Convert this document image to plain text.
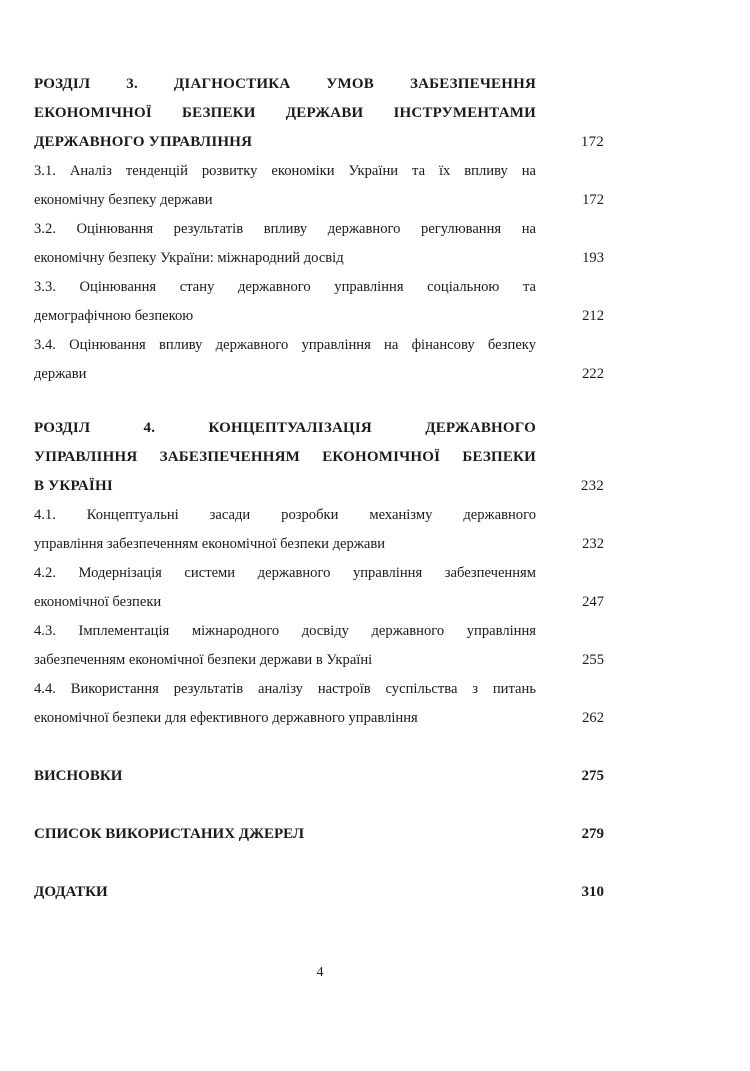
РОЗДІЛ 3. ДІАГНОСТИКА УМОВ ЗАБЕЗПЕЧЕННЯ
ЕКОНОМІЧНОЇ БЕЗПЕКИ ДЕРЖАВИ ІНСТРУМЕНТАМИ
ДЕРЖАВНОГО УПРАВЛІННЯ	172
3.1. Аналіз тенденцій розвитку економіки України та їх впливу на
економічну безпеку держави	172
3.2. Оцінювання результатів впливу державного регулювання на
економічну безпеку України: міжнародний досвід	193
3.3. Оцінювання стану державного управління соціальною та
демографічною безпекою	212
3.4. Оцінювання впливу державного управління на фінансову безпеку
держави	222
РОЗДІЛ 4. КОНЦЕПТУАЛІЗАЦІЯ ДЕРЖАВНОГО
УПРАВЛІННЯ ЗАБЕЗПЕЧЕННЯМ ЕКОНОМІЧНОЇ БЕЗПЕКИ
В УКРАЇНІ	232
4.1. Концептуальні засади розробки механізму державного
управління забезпеченням економічної безпеки держави	232
4.2. Модернізація системи державного управління забезпеченням
економічної безпеки	247
4.3. Імплементація міжнародного досвіду державного управління
забезпеченням економічної безпеки держави в Україні	255
4.4. Використання результатів аналізу настроїв суспільства з питань
економічної безпеки для ефективного державного управління	262
ВИСНОВКИ	275
СПИСОК ВИКОРИСТАНИХ ДЖЕРЕЛ	279
ДОДАТКИ	310
4
